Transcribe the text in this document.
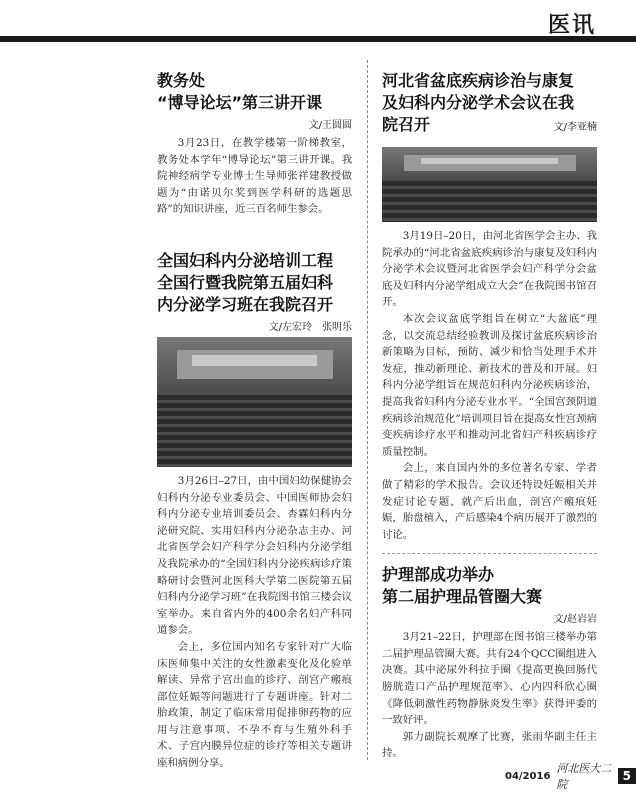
医讯
教务处
“博导论坛”第三讲开课
文/王圆圆

3月23日，在教学楼第一阶梯教室，教务处本学年“博导论坛”第三讲开课。我院神经病学专业博士生导师张祥建教授做题为“由诺贝尔奖到医学科研的选题思路”的知识讲座，近三百名师生参会。

全国妇科内分泌培训工程
全国行暨我院第五届妇科
内分泌学习班在我院召开
文/左宏玲　张明乐

3月26日–27日，由中国妇幼保健协会妇科内分泌专业委员会、中国医师协会妇科内分泌专业培训委员会、杏霖妇科内分泌研究院、实用妇科内分泌杂志主办、河北省医学会妇产科学分会妇科内分泌学组及我院承办的“全国妇科内分泌疾病诊疗策略研讨会暨河北医科大学第二医院第五届妇科内分泌学习班”在我院图书馆三楼会议室举办。来自省内外的400余名妇产科同道参会。

会上，多位国内知名专家针对广大临床医师集中关注的女性激素变化及化验单解读、异常子宫出血的诊疗、剖宫产瘢痕部位妊娠等问题进行了专题讲座。针对二胎政策，制定了临床常用促排卵药物的应用与注意事项、不孕不育与生殖外科手术、子宫内膜异位症的诊疗等相关专题讲座和病例分享。

河北省盆底疾病诊治与康复
及妇科内分泌学术会议在我
院召开	文/李亚楠

3月19日–20日，由河北省医学会主办、我院承办的“河北省盆底疾病诊治与康复及妇科内分泌学术会议暨河北省医学会妇产科学分会盆底及妇科内分泌学组成立大会”在我院图书馆召开。

本次会议盆底学组旨在树立“大盆底”理念，以交流总结经验教训及探讨盆底疾病诊治新策略为目标，预防、减少和恰当处理手术并发症，推动新理论、新技术的普及和开展。妇科内分泌学组旨在规范妇科内分泌疾病诊治，提高我省妇科内分泌专业水平。“全国宫颈阴道疾病诊治规范化”培训项目旨在提高女性宫颈病变疾病诊疗水平和推动河北省妇产科疾病诊疗质量控制。

会上，来自国内外的多位著名专家、学者做了精彩的学术报告。会议还特设妊娠相关并发症讨论专题，就产后出血，剖宫产瘢痕妊娠，胎盘植入，产后感染4个病历展开了激烈的讨论。

护理部成功举办
第二届护理品管圈大赛
文/赵岩岩

3月21–22日，护理部在图书馆三楼举办第二届护理品管圈大赛。共有24个QCC圈组进入决赛。其中泌尿外科拉手圈《提高更换回肠代膀胱造口产品护理规范率》、心内四科欣心圈《降低刺激性药物静脉炎发生率》获得评委的一致好评。

郭力副院长观摩了比赛，张雨华副主任主持。

04/2016
河北医大二院
5
